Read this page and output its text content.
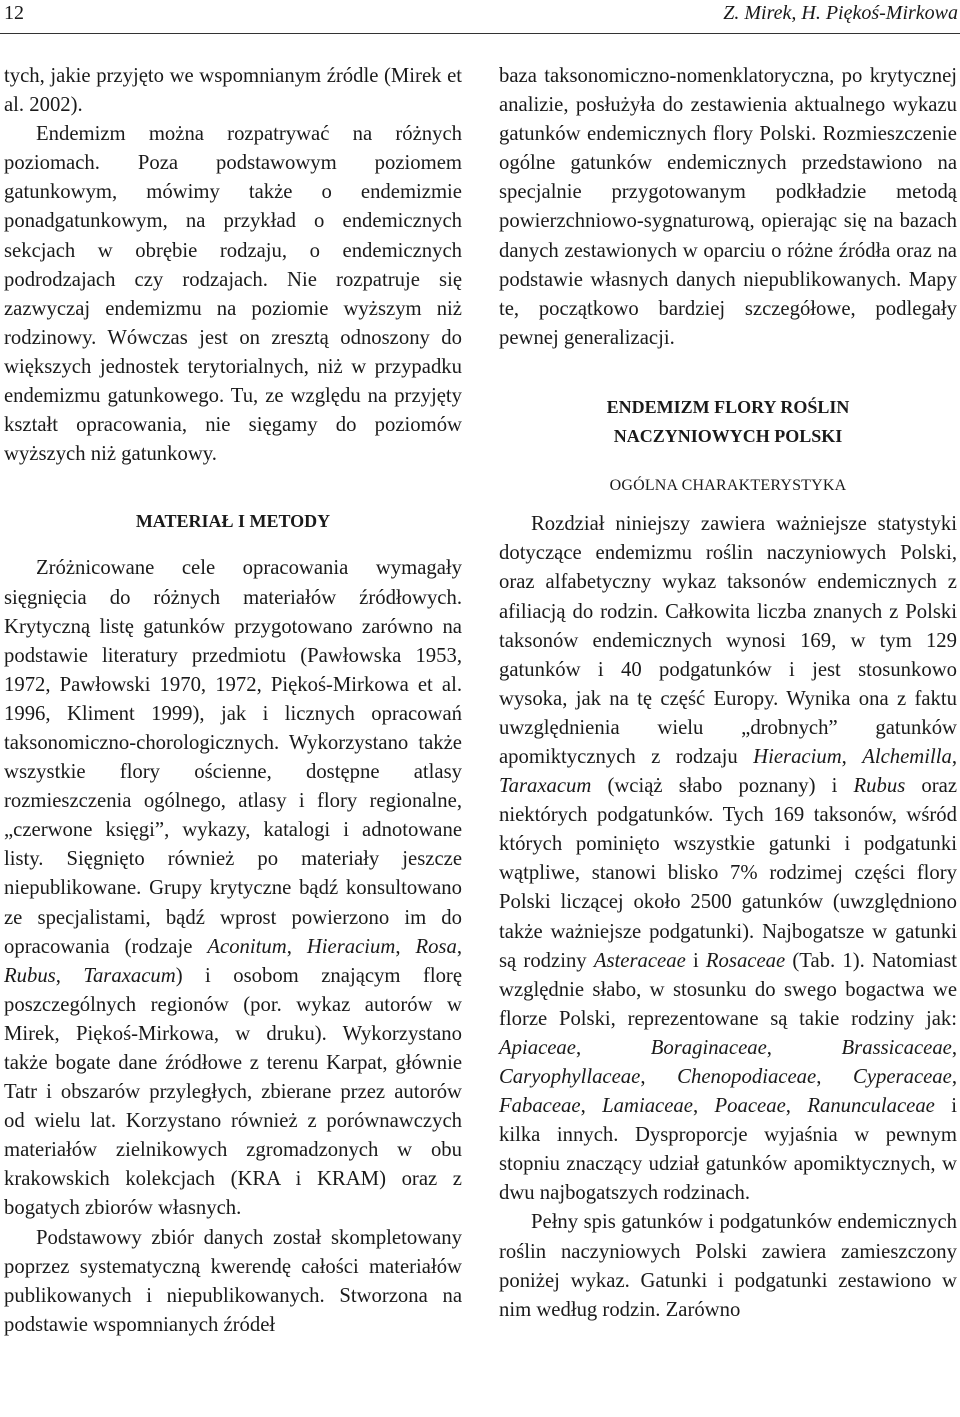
12	Z. Mirek, H. Piękoś-Mirkowa

tych, jakie przyjęto we wspomnianym źródle (Mirek et al. 2002).

Endemizm można rozpatrywać na różnych poziomach. Poza podstawowym poziomem gatunkowym, mówimy także o endemizmie ponadgatunkowym, na przykład o endemicznych sekcjach w obrębie rodzaju, o endemicznych podrodzajach czy rodzajach. Nie rozpatruje się zazwyczaj endemizmu na poziomie wyższym niż rodzinowy. Wówczas jest on zresztą odnoszony do większych jednostek terytorialnych, niż w przypadku endemizmu gatunkowego. Tu, ze względu na przyjęty kształt opracowania, nie sięgamy do poziomów wyższych niż gatunkowy.

MATERIAŁ I METODY

Zróżnicowane cele opracowania wymagały sięgnięcia do różnych materiałów źródłowych. Krytyczną listę gatunków przygotowano zarówno na podstawie literatury przedmiotu (Pawłowska 1953, 1972, Pawłowski 1970, 1972, Piękoś-Mirkowa et al. 1996, Kliment 1999), jak i licznych opracowań taksonomiczno-chorologicznych. Wykorzystano także wszystkie flory ościenne, dostępne atlasy rozmieszczenia ogólnego, atlasy i flory regionalne, „czerwone księgi”, wykazy, katalogi i adnotowane listy. Sięgnięto również po materiały jeszcze niepublikowane. Grupy krytyczne bądź konsultowano ze specjalistami, bądź wprost powierzono im do opracowania (rodzaje Aconitum, Hieracium, Rosa, Rubus, Taraxacum) i osobom znającym florę poszczególnych regionów (por. wykaz autorów w Mirek, Piękoś-Mirkowa, w druku). Wykorzystano także bogate dane źródłowe z terenu Karpat, głównie Tatr i obszarów przyległych, zbierane przez autorów od wielu lat. Korzystano również z porównawczych materiałów zielnikowych zgromadzonych w obu krakowskich kolekcjach (KRA i KRAM) oraz z bogatych zbiorów własnych.

Podstawowy zbiór danych został skompletowany poprzez systematyczną kwerendę całości materiałów publikowanych i niepublikowanych. Stworzona na podstawie wspomnianych źródeł

baza taksonomiczno-nomenklatoryczna, po krytycznej analizie, posłużyła do zestawienia aktualnego wykazu gatunków endemicznych flory Polski. Rozmieszczenie ogólne gatunków endemicznych przedstawiono na specjalnie przygotowanym podkładzie metodą powierzchniowo-sygnaturową, opierając się na bazach danych zestawionych w oparciu o różne źródła oraz na podstawie własnych danych niepublikowanych. Mapy te, początkowo bardziej szczegółowe, podlegały pewnej generalizacji.

ENDEMIZM FLORY ROŚLIN

NACZYNIOWYCH POLSKI

OGÓLNA CHARAKTERYSTYKA

Rozdział niniejszy zawiera ważniejsze statystyki dotyczące endemizmu roślin naczyniowych Polski, oraz alfabetyczny wykaz taksonów endemicznych z afiliacją do rodzin. Całkowita liczba znanych z Polski taksonów endemicznych wynosi 169, w tym 129 gatunków i 40 podgatunków i jest stosunkowo wysoka, jak na tę część Europy. Wynika ona z faktu uwzględnienia wielu „drobnych” gatunków apomiktycznych z rodzaju Hieracium, Alchemilla, Taraxacum (wciąż słabo poznany) i Rubus oraz niektórych podgatunków. Tych 169 taksonów, wśród których pominięto wszystkie gatunki i podgatunki wątpliwe, stanowi blisko 7% rodzimej części flory Polski liczącej około 2500 gatunków (uwzględniono także ważniejsze podgatunki). Najbogatsze w gatunki są rodziny Asteraceae i Rosaceae (Tab. 1). Natomiast względnie słabo, w stosunku do swego bogactwa we florze Polski, reprezentowane są takie rodziny jak: Apiaceae, Boraginaceae, Brassicaceae, Caryophyllaceae, Chenopodiaceae, Cyperaceae, Fabaceae, Lamiaceae, Poaceae, Ranunculaceae i kilka innych. Dysproporcje wyjaśnia w pewnym stopniu znaczący udział gatunków apomiktycznych, w dwu najbogatszych rodzinach.

Pełny spis gatunków i podgatunków endemicznych roślin naczyniowych Polski zawiera zamieszczony poniżej wykaz. Gatunki i podgatunki zestawiono w nim według rodzin. Zarówno
